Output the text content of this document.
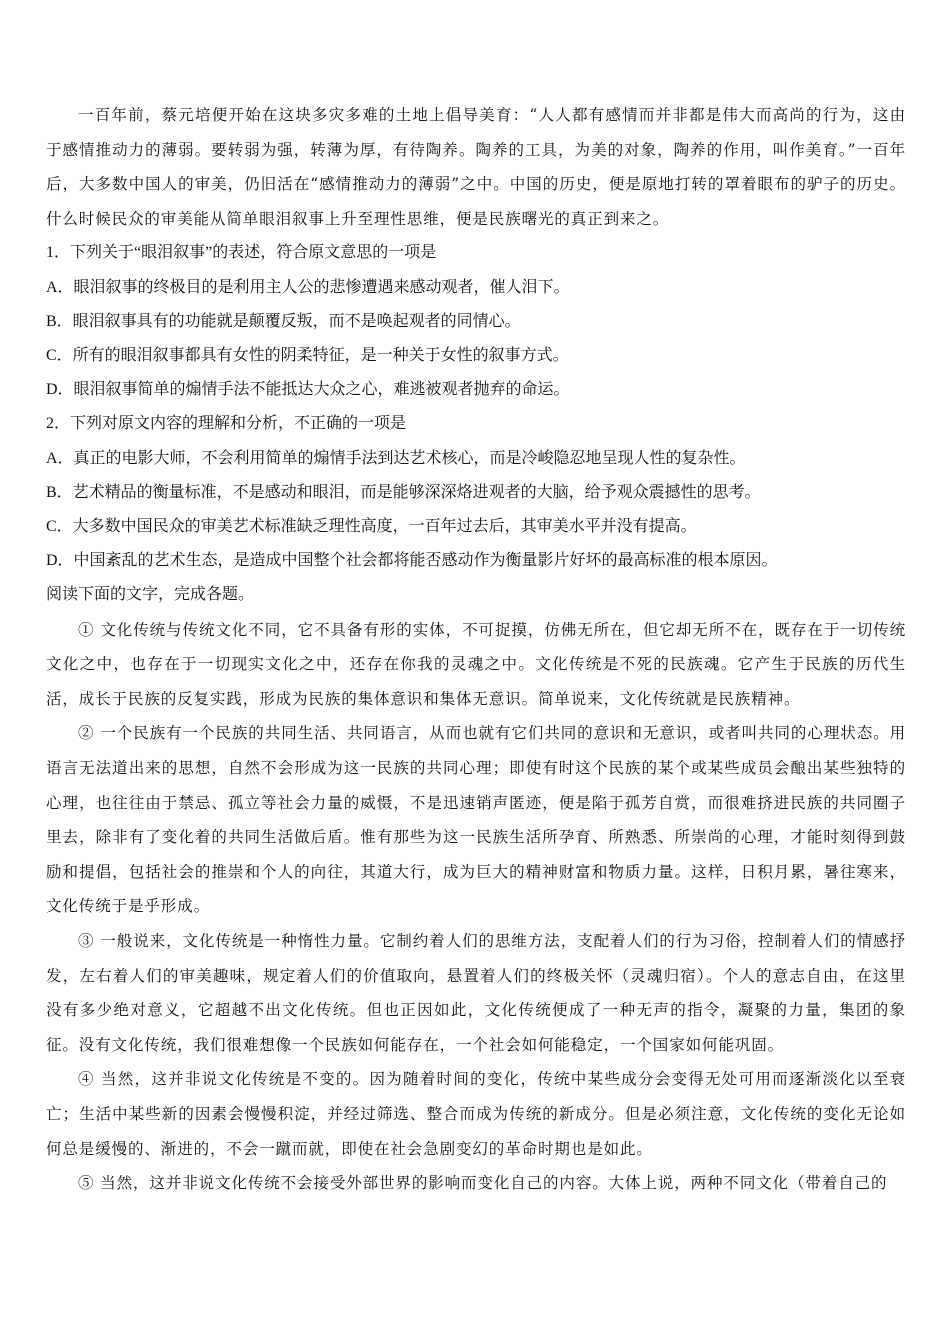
一百年前，蔡元培便开始在这块多灾多难的土地上倡导美育：“人人都有感情而并非都是伟大而高尚的行为，这由于感情推动力的薄弱。要转弱为强，转薄为厚，有待陶养。陶养的工具，为美的对象，陶养的作用，叫作美育。”一百年后，大多数中国人的审美，仍旧活在“感情推动力的薄弱”之中。中国的历史，便是原地打转的罩着眼布的驴子的历史。什么时候民众的审美能从简单眼泪叙事上升至理性思维，便是民族曙光的真正到来之。

1．下列关于“眼泪叙事”的表述，符合原文意思的一项是

A．眼泪叙事的终极目的是利用主人公的悲惨遭遇来感动观者，催人泪下。

B．眼泪叙事具有的功能就是颠覆反叛，而不是唤起观者的同情心。

C．所有的眼泪叙事都具有女性的阴柔特征，是一种关于女性的叙事方式。

D．眼泪叙事简单的煽情手法不能抵达大众之心，难逃被观者抛弃的命运。

2．下列对原文内容的理解和分析，不正确的一项是

A．真正的电影大师，不会利用简单的煽情手法到达艺术核心，而是冷峻隐忍地呈现人性的复杂性。

B．艺术精品的衡量标准，不是感动和眼泪，而是能够深深烙进观者的大脑，给予观众震撼性的思考。

C．大多数中国民众的审美艺术标准缺乏理性高度，一百年过去后，其审美水平并没有提高。

D．中国紊乱的艺术生态，是造成中国整个社会都将能否感动作为衡量影片好坏的最高标准的根本原因。

阅读下面的文字，完成各题。

① 文化传统与传统文化不同，它不具备有形的实体，不可捉摸，仿佛无所在，但它却无所不在，既存在于一切传统文化之中，也存在于一切现实文化之中，还存在你我的灵魂之中。文化传统是不死的民族魂。它产生于民族的历代生活，成长于民族的反复实践，形成为民族的集体意识和集体无意识。简单说来，文化传统就是民族精神。

② 一个民族有一个民族的共同生活、共同语言，从而也就有它们共同的意识和无意识，或者叫共同的心理状态。用语言无法道出来的思想，自然不会形成为这一民族的共同心理；即使有时这个民族的某个或某些成员会酿出某些独特的心理，也往往由于禁忌、孤立等社会力量的威慑，不是迅速销声匿迹，便是陷于孤芳自赏，而很难挤进民族的共同圈子里去，除非有了变化着的共同生活做后盾。惟有那些为这一民族生活所孕育、所熟悉、所崇尚的心理，才能时刻得到鼓励和提倡，包括社会的推崇和个人的向往，其道大行，成为巨大的精神财富和物质力量。这样，日积月累，暑往寒来，文化传统于是乎形成。

③ 一般说来，文化传统是一种惰性力量。它制约着人们的思维方法，支配着人们的行为习俗，控制着人们的情感抒发，左右着人们的审美趣味，规定着人们的价值取向，悬置着人们的终极关怀（灵魂归宿）。个人的意志自由，在这里没有多少绝对意义，它超越不出文化传统。但也正因如此，文化传统便成了一种无声的指令，凝聚的力量，集团的象征。没有文化传统，我们很难想像一个民族如何能存在，一个社会如何能稳定，一个国家如何能巩固。

④ 当然，这并非说文化传统是不变的。因为随着时间的变化，传统中某些成分会变得无处可用而逐渐淡化以至衰亡；生活中某些新的因素会慢慢积淀，并经过筛选、整合而成为传统的新成分。但是必须注意，文化传统的变化无论如何总是缓慢的、渐进的，不会一蹴而就，即使在社会急剧变幻的革命时期也是如此。

⑤ 当然，这并非说文化传统不会接受外部世界的影响而变化自己的内容。大体上说，两种不同文化（带着自己的
